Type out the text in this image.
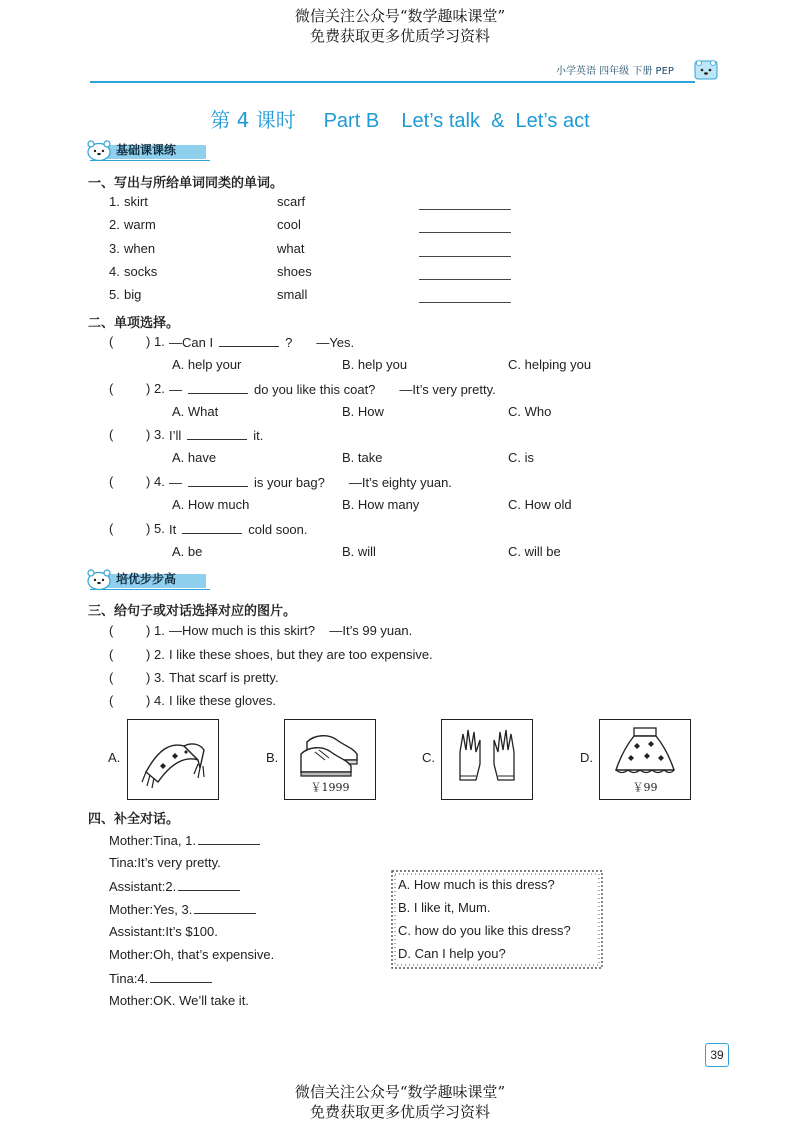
微信关注公众号“数学趣味课堂”
免费获取更多优质学习资料
微信关注公众号“数学趣味课堂”
免费获取更多优质学习资料
小学英语 四年级 下册 PEP
第 4 课时 Part B Let’s talk  &  Let’s act
基础课课练
一、写出与所给单词同类的单词。
1. skirt	scarf
2. warm	cool
3. when	what
4. socks	shoes
5. big	small
二、单项选择。
(	) 1. —Can I	? —Yes.
A. help your	B. help you	C. helping you
(	) 2. —	do you like this coat? —It’s very pretty.
A. What	B. How	C. Who
(	) 3. I’ll	it.
A. have	B. take	C. is
(	) 4. —	is your bag? —It’s eighty yuan.
A. How much	B. How many	C. How old
(	) 5. It	cold soon.
A. be	B. will	C. will be
培优步步高
三、给句子或对话选择对应的图片。
(	) 1. —How much is this skirt?    —It’s 99 yuan.
(	) 2. I like these shoes, but they are too expensive.
(	) 3. That scarf is pretty.
(	) 4. I like these gloves.
A.	B.
￥1999
C.	D.
￥99
四、补全对话。
Mother:Tina, 1.
Tina:It’s very pretty.
Assistant:2.
Mother:Yes, 3.
Assistant:It’s $100.
Mother:Oh, that’s expensive.
Tina:4.
Mother:OK. We’ll take it.
A. How much is this dress?
B. I like it, Mum.
C. how do you like this dress?
D. Can I help you?
39
